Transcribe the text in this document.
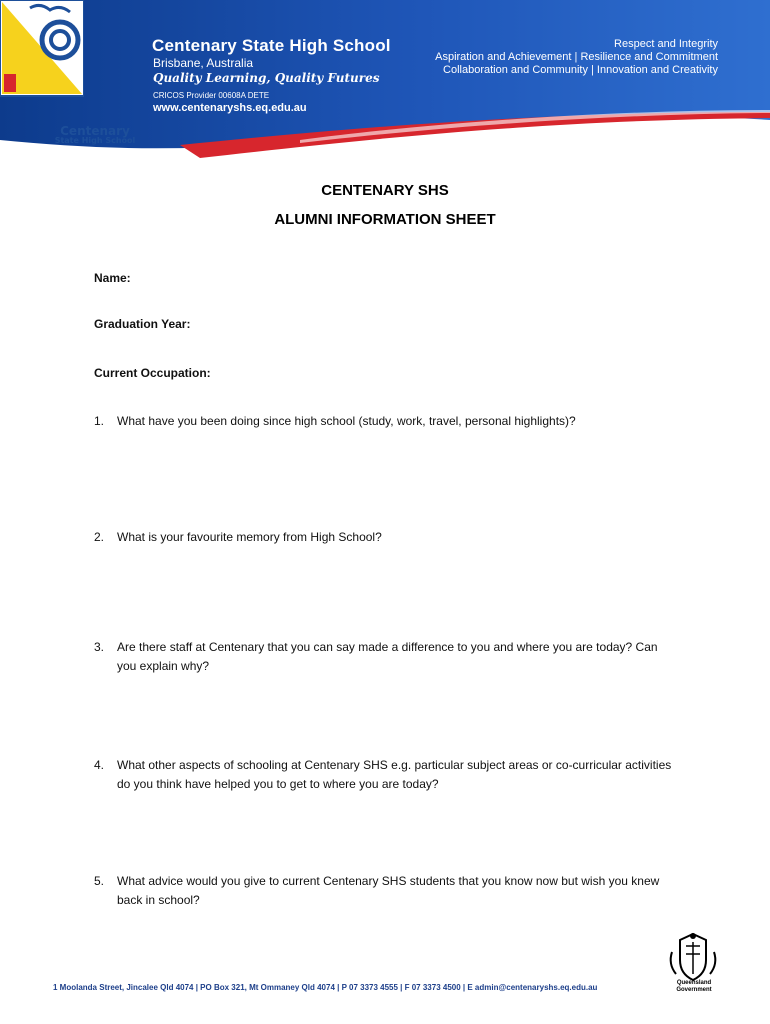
Centenary
State High School
Centenary State High School
Brisbane, Australia
Quality Learning, Quality Futures
CRICOS Provider 00608A DETE
www.centenaryshs.eq.edu.au
Respect and Integrity
Aspiration and Achievement | Resilience and Commitment
Collaboration and Community | Innovation and Creativity
CENTENARY SHS
ALUMNI INFORMATION SHEET
Name:
Graduation Year:
Current Occupation:
1.	What have you been doing since high school (study, work, travel, personal highlights)?
2.	What is your favourite memory from High School?
3.	Are there staff at Centenary that you can say made a difference to you and where you are today? Can you explain why?
4.	What other aspects of schooling at Centenary SHS e.g. particular subject areas or co-curricular activities do you think have helped you to get to where you are today?
5.	What advice would you give to current Centenary SHS students that you know now but wish you knew back in school?
Queensland
Government
1 Moolanda Street, Jincalee Qld 4074 | PO Box 321, Mt Ommaney Qld 4074 | P 07 3373 4555 | F 07 3373 4500 | E admin@centenaryshs.eq.edu.au
